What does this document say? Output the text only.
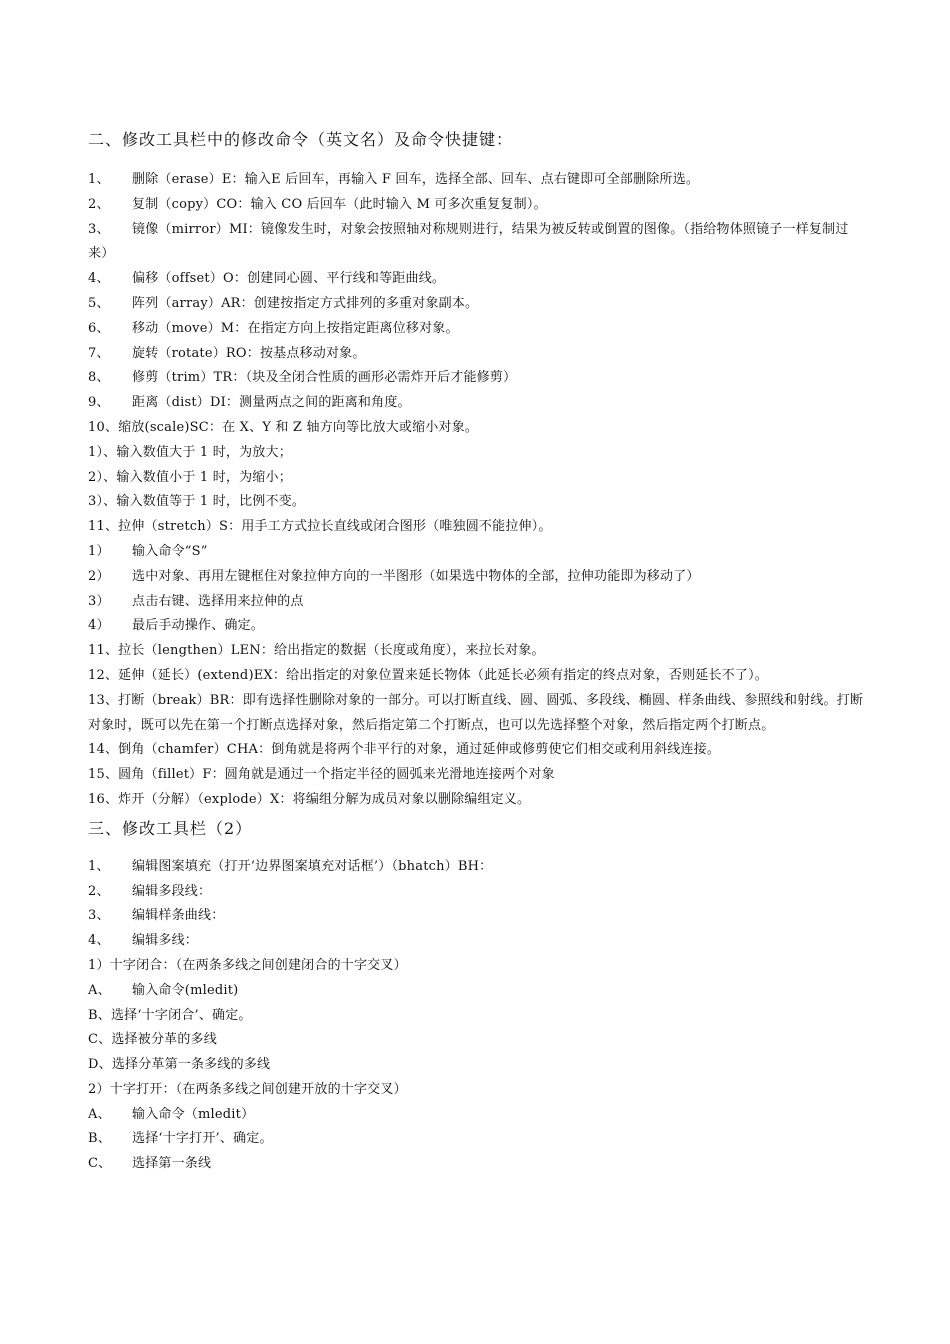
二、修改工具栏中的修改命令（英文名）及命令快捷键：
1、 删除（erase）E：输入E 后回车，再输入 F 回车，选择全部、回车、点右键即可全部删除所选。
2、 复制（copy）CO：输入 CO 后回车（此时输入 M 可多次重复复制）。
3、 镜像（mirror）MI：镜像发生时，对象会按照轴对称规则进行，结果为被反转或倒置的图像。（指给物体照镜子一样复制过来）
4、 偏移（offset）O：创建同心圆、平行线和等距曲线。
5、 阵列（array）AR：创建按指定方式排列的多重对象副本。
6、 移动（move）M：在指定方向上按指定距离位移对象。
7、 旋转（rotate）RO：按基点移动对象。
8、 修剪（trim）TR：（块及全闭合性质的画形必需炸开后才能修剪）
9、 距离（dist）DI：测量两点之间的距离和角度。
10、缩放(scale)SC：在 X、Y 和 Z 轴方向等比放大或缩小对象。
1）、输入数值大于 1 时，为放大；
2）、输入数值小于 1 时，为缩小；
3）、输入数值等于 1 时，比例不变。
11、拉伸（stretch）S：用手工方式拉长直线或闭合图形（唯独圆不能拉伸）。
1） 输入命令“S”
2） 选中对象、再用左键框住对象拉伸方向的一半图形（如果选中物体的全部，拉伸功能即为移动了）
3） 点击右键、选择用来拉伸的点
4） 最后手动操作、确定。
11、拉长（lengthen）LEN：给出指定的数据（长度或角度），来拉长对象。
12、延伸（延长）(extend)EX：给出指定的对象位置来延长物体（此延长必须有指定的终点对象，否则延长不了）。
13、打断（break）BR：即有选择性删除对象的一部分。可以打断直线、圆、圆弧、多段线、椭圆、样条曲线、参照线和射线。打断对象时，既可以先在第一个打断点选择对象，然后指定第二个打断点，也可以先选择整个对象，然后指定两个打断点。
14、倒角（chamfer）CHA：倒角就是将两个非平行的对象，通过延伸或修剪使它们相交或利用斜线连接。
15、圆角（fillet）F：圆角就是通过一个指定半径的圆弧来光滑地连接两个对象
16、炸开（分解）（explode）X：将编组分解为成员对象以删除编组定义。
三、修改工具栏（2）
1、 编辑图案填充（打开‘边界图案填充对话框’）（bhatch）BH：
2、 编辑多段线：
3、 编辑样条曲线：
4、 编辑多线：
1）十字闭合：（在两条多线之间创建闭合的十字交叉）
A、 输入命令(mledit)
B、选择‘十字闭合’、确定。
C、选择被分革的多线
D、选择分革第一条多线的多线
2）十字打开：（在两条多线之间创建开放的十字交叉）
A、 输入命令（mledit）
B、 选择‘十字打开’、确定。
C、 选择第一条线
